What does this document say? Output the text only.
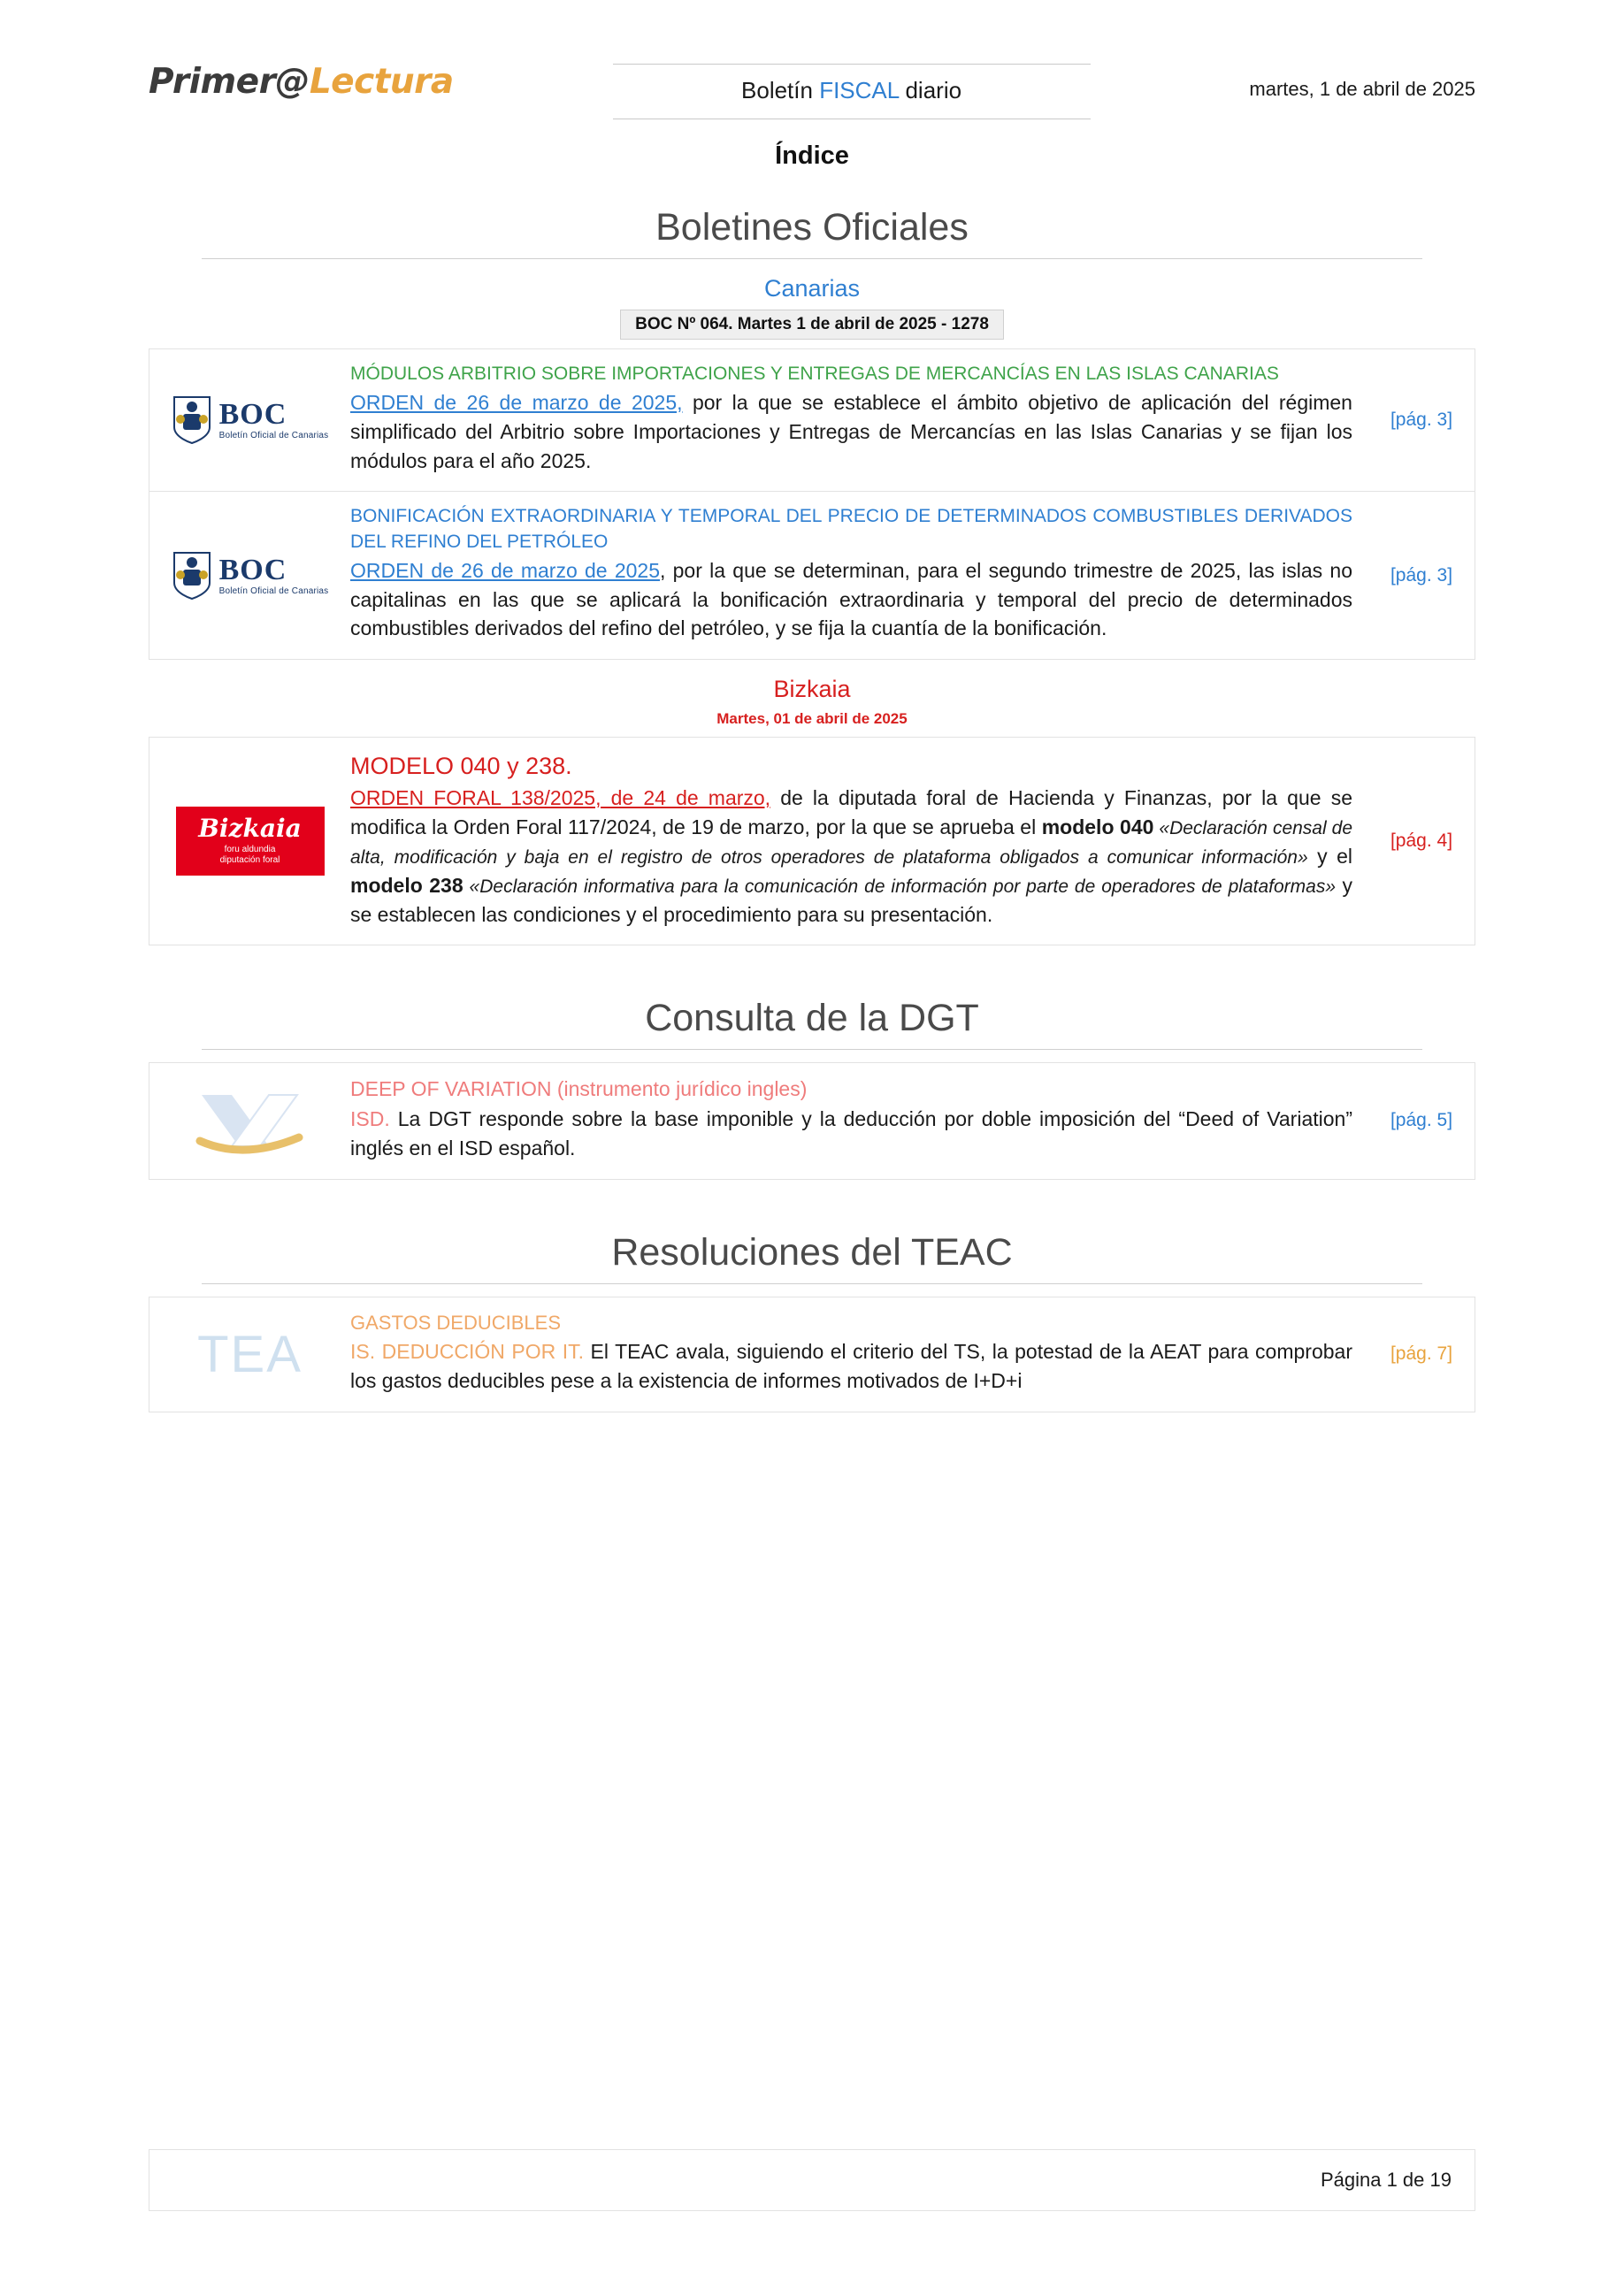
Primer@Lectura	Boletín FISCAL diario	martes, 1 de abril de 2025
Índice
Boletines Oficiales
Canarias
BOC Nº 064. Martes 1 de abril de 2025 - 1278
BOC
Boletín Oficial de Canarias
MÓDULOS ARBITRIO SOBRE IMPORTACIONES Y ENTREGAS DE MERCANCÍAS EN LAS ISLAS CANARIAS
ORDEN de 26 de marzo de 2025, por la que se establece el ámbito objetivo de aplicación del régimen simplificado del Arbitrio sobre Importaciones y Entregas de Mercancías en las Islas Canarias y se fijan los módulos para el año 2025.
[pág. 3]
BOC
Boletín Oficial de Canarias
BONIFICACIÓN EXTRAORDINARIA Y TEMPORAL DEL PRECIO DE DETERMINADOS COMBUSTIBLES DERIVADOS DEL REFINO DEL PETRÓLEO
ORDEN de 26 de marzo de 2025, por la que se determinan, para el segundo trimestre de 2025, las islas no capitalinas en las que se aplicará la bonificación extraordinaria y temporal del precio de determinados combustibles derivados del refino del petróleo, y se fija la cuantía de la bonificación.
[pág. 3]
Bizkaia
Martes, 01 de abril de 2025
Bizkaia
foru aldundia
diputación foral
MODELO 040 y 238.
ORDEN FORAL 138/2025, de 24 de marzo, de la diputada foral de Hacienda y Finanzas, por la que se modifica la Orden Foral 117/2024, de 19 de marzo, por la que se aprueba el modelo 040 «Declaración censal de alta, modificación y baja en el registro de otros operadores de plataforma obligados a comunicar información» y el modelo 238 «Declaración informativa para la comunicación de información por parte de operadores de plataformas» y se establecen las condiciones y el procedimiento para su presentación.
[pág. 4]
Consulta de la DGT
DEEP OF VARIATION (instrumento jurídico ingles)
ISD. La DGT responde sobre la base imponible y la deducción por doble imposición del “Deed of Variation” inglés en el ISD español.
[pág. 5]
Resoluciones del TEAC
TEA
GASTOS DEDUCIBLES
IS. DEDUCCIÓN POR IT. El TEAC avala, siguiendo el criterio del TS, la potestad de la AEAT para comprobar los gastos deducibles pese a la existencia de informes motivados de I+D+i
[pág. 7]
Página 1 de 19
